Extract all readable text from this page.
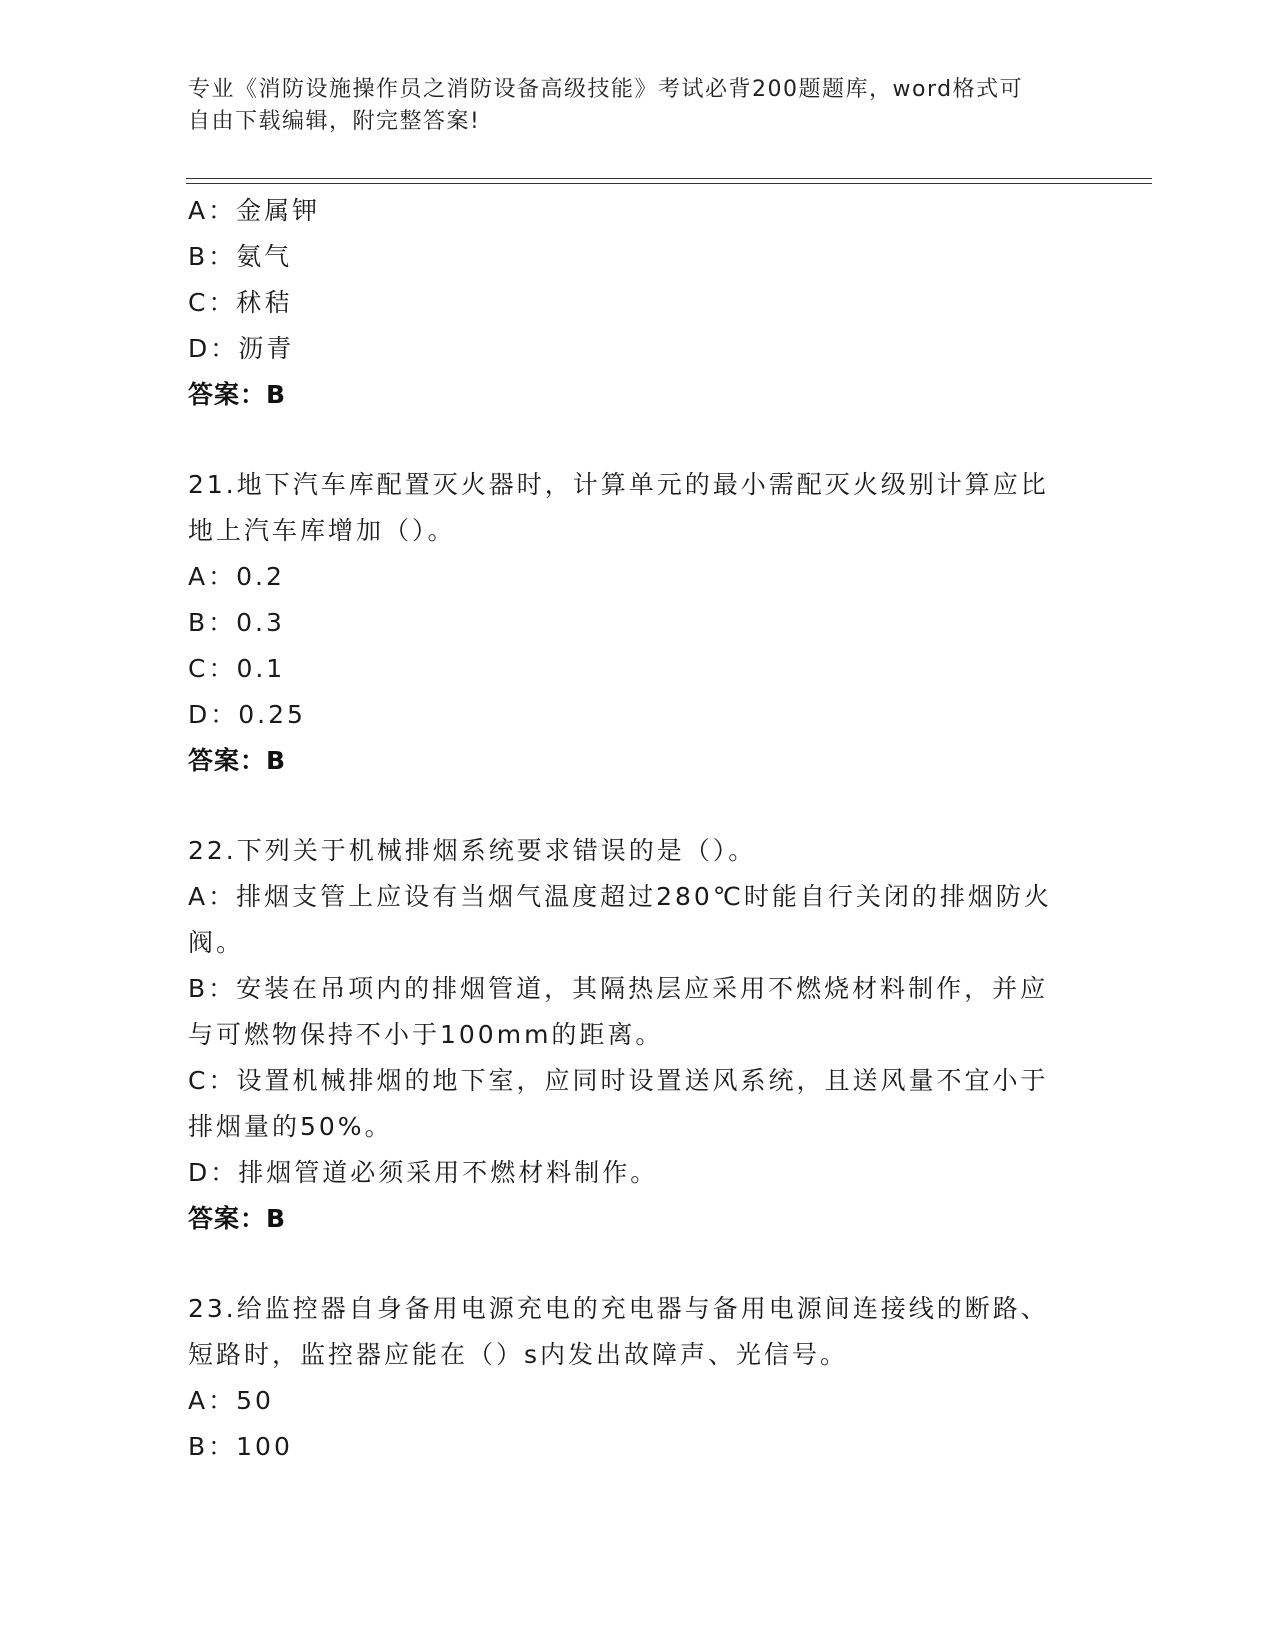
专业《消防设施操作员之消防设备高级技能》考试必背200题题库，word格式可
自由下载编辑，附完整答案!
A：金属钾
B：氨气
C：秫秸
D：沥青
答案：B
21.地下汽车库配置灭火器时，计算单元的最小需配灭火级别计算应比
地上汽车库增加（）。
A：0.2
B：0.3
C：0.1
D：0.25
答案：B
22.下列关于机械排烟系统要求错误的是（）。
A：排烟支管上应设有当烟气温度超过280℃时能自行关闭的排烟防火
阀。
B：安装在吊项内的排烟管道，其隔热层应采用不燃烧材料制作，并应
与可燃物保持不小于100mm的距离。
C：设置机械排烟的地下室，应同时设置送风系统，且送风量不宜小于
排烟量的50%。
D：排烟管道必须采用不燃材料制作。
答案：B
23.给监控器自身备用电源充电的充电器与备用电源间连接线的断路、
短路时，监控器应能在（）s内发出故障声、光信号。
A：50
B：100
